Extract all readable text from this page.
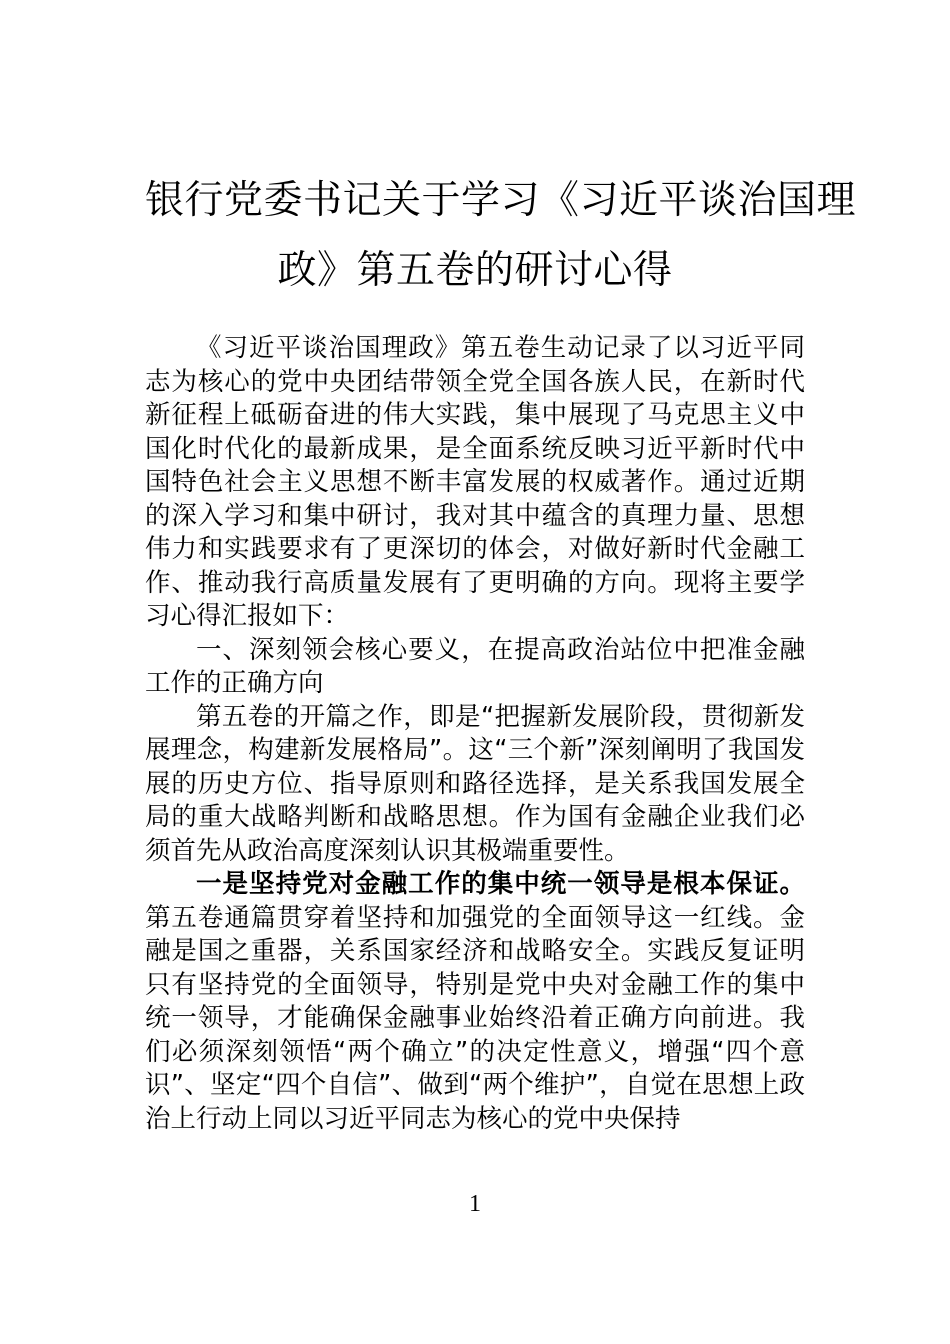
银行党委书记关于学习《习近平谈治国理
政》第五卷的研讨心得

《习近平谈治国理政》第五卷生动记录了以习近平同志为核心的党中央团结带领全党全国各族人民，在新时代新征程上砥砺奋进的伟大实践，集中展现了马克思主义中国化时代化的最新成果，是全面系统反映习近平新时代中国特色社会主义思想不断丰富发展的权威著作。通过近期的深入学习和集中研讨，我对其中蕴含的真理力量、思想伟力和实践要求有了更深切的体会，对做好新时代金融工作、推动我行高质量发展有了更明确的方向。现将主要学习心得汇报如下：

一、深刻领会核心要义，在提高政治站位中把准金融工作的正确方向

第五卷的开篇之作，即是“把握新发展阶段，贯彻新发展理念，构建新发展格局”。这“三个新”深刻阐明了我国发展的历史方位、指导原则和路径选择，是关系我国发展全局的重大战略判断和战略思想。作为国有金融企业我们必须首先从政治高度深刻认识其极端重要性。

一是坚持党对金融工作的集中统一领导是根本保证。第五卷通篇贯穿着坚持和加强党的全面领导这一红线。金融是国之重器，关系国家经济和战略安全。实践反复证明只有坚持党的全面领导，特别是党中央对金融工作的集中统一领导，才能确保金融事业始终沿着正确方向前进。我们必须深刻领悟“两个确立”的决定性意义，增强“四个意识”、坚定“四个自信”、做到“两个维护”，自觉在思想上政治上行动上同以习近平同志为核心的党中央保持

1
